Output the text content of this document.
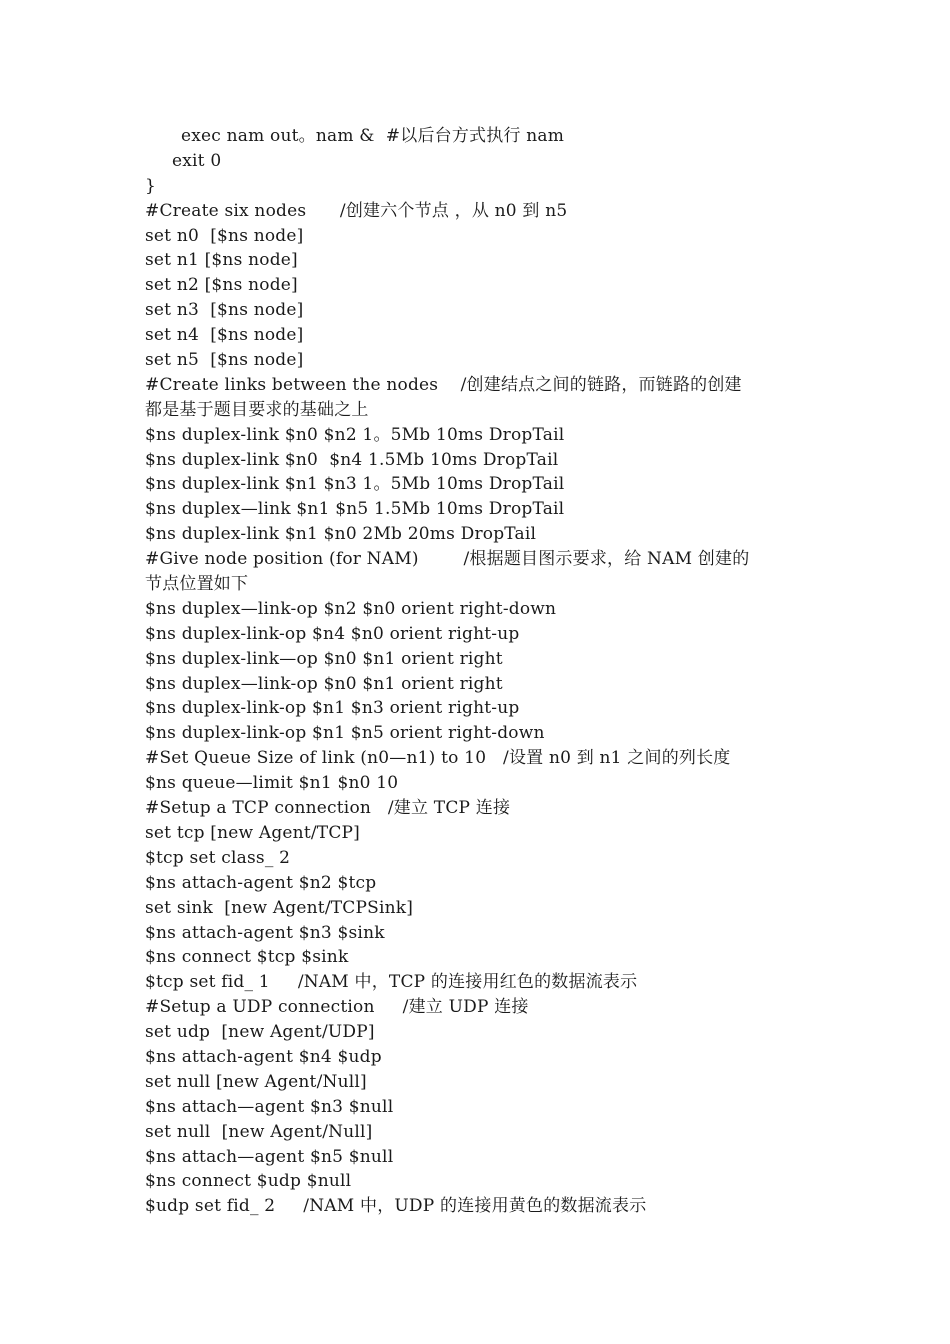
exec nam out。nam &  #以后台方式执行 nam
exit 0
}
#Create six nodes      /创建六个节点 ，从 n0 到 n5
set n0  [$ns node]
set n1 [$ns node]
set n2 [$ns node]
set n3  [$ns node]
set n4  [$ns node]
set n5  [$ns node]
#Create links between the nodes    /创建结点之间的链路，而链路的创建
都是基于题目要求的基础之上
$ns duplex-link $n0 $n2 1。5Mb 10ms DropTail
$ns duplex-link $n0  $n4 1.5Mb 10ms DropTail
$ns duplex-link $n1 $n3 1。5Mb 10ms DropTail
$ns duplex—link $n1 $n5 1.5Mb 10ms DropTail
$ns duplex-link $n1 $n0 2Mb 20ms DropTail
#Give node position (for NAM)        /根据题目图示要求，给 NAM 创建的
节点位置如下
$ns duplex—link-op $n2 $n0 orient right-down
$ns duplex-link-op $n4 $n0 orient right-up
$ns duplex-link—op $n0 $n1 orient right
$ns duplex—link-op $n0 $n1 orient right
$ns duplex-link-op $n1 $n3 orient right-up
$ns duplex-link-op $n1 $n5 orient right-down
#Set Queue Size of link (n0—n1) to 10   /设置 n0 到 n1 之间的列长度
$ns queue—limit $n1 $n0 10
#Setup a TCP connection   /建立 TCP 连接
set tcp [new Agent/TCP]
$tcp set class_ 2
$ns attach-agent $n2 $tcp
set sink  [new Agent/TCPSink]
$ns attach-agent $n3 $sink
$ns connect $tcp $sink
$tcp set fid_ 1     /NAM 中，TCP 的连接用红色的数据流表示
#Setup a UDP connection     /建立 UDP 连接
set udp  [new Agent/UDP]
$ns attach-agent $n4 $udp
set null [new Agent/Null]
$ns attach—agent $n3 $null
set null  [new Agent/Null]
$ns attach—agent $n5 $null
$ns connect $udp $null
$udp set fid_ 2     /NAM 中，UDP 的连接用黄色的数据流表示
